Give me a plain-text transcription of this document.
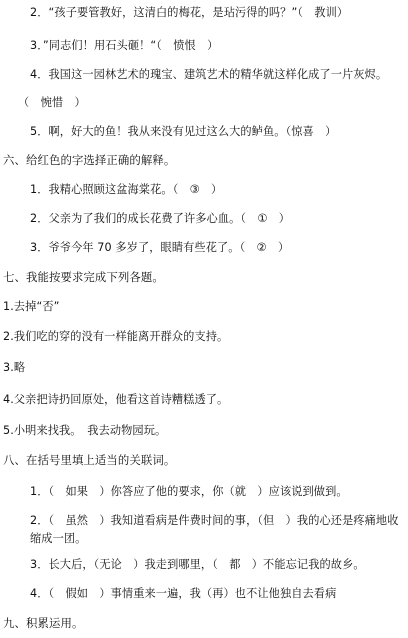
2．“孩子要管教好，这清白的梅花，是玷污得的吗？”（　教训）
3．”同志们！用石头砸！“（　愤恨　）
4．我国这一园林艺术的瑰宝、建筑艺术的精华就这样化成了一片灰烬。
（　惋惜　）
5．啊，好大的鱼！我从来没有见过这么大的鲈鱼。（惊喜　）
六、给红色的字选择正确的解释。
1．我精心照顾这盆海棠花。（　③　）
2．父亲为了我们的成长花费了许多心血。（　①　）
3．爷爷今年 70 多岁了，眼睛有些花了。（　②　）
七、我能按要求完成下列各题。
1.去掉“否”
2.我们吃的穿的没有一样能离开群众的支持。
3.略
4.父亲把诗扔回原处，他看这首诗糟糕透了。
5.小明来找我。　我去动物园玩。
八、在括号里填上适当的关联词。
1．（　如果　）你答应了他的要求，你（就　）应该说到做到。
2．（　虽然　）我知道看病是件费时间的事，（但　）我的心还是疼痛地收缩成一团。
3．长大后，（无论　）我走到哪里，（　都　）不能忘记我的故乡。
4．（　假如　）事情重来一遍，我（再）也不让他独自去看病
九、积累运用。
